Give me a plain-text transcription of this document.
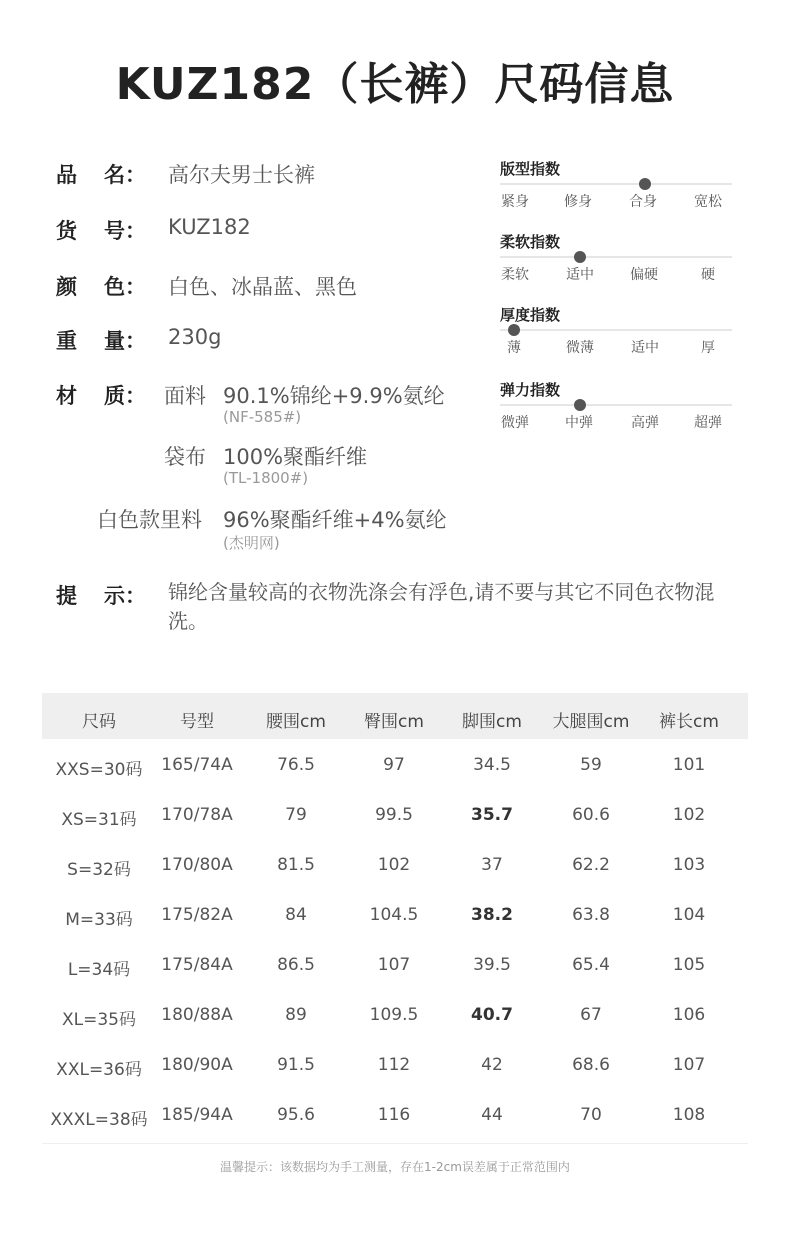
KUZ182（长裤）尺码信息
品 名： 高尔夫男士长裤
货 号： KUZ182
颜 色： 白色、冰晶蓝、黑色
重 量： 230g
材 质： 面料 90.1%锦纶+9.9%氨纶
(NF-585#)
袋布 100%聚酯纤维
(TL-1800#)
白色款里料 96%聚酯纤维+4%氨纶
(杰明网)
提 示： 锦纶含量较高的衣物洗涤会有浮色,请不要与其它不同色衣物混洗。
版型指数
紧身	修身	合身	宽松
柔软指数
柔软	适中	偏硬	硬
厚度指数
薄	微薄	适中	厚
弹力指数
微弹	中弹	高弹	超弹
尺码	号型	腰围cm 臀围cm 脚围cm 大腿围cm 裤长cm
XXS=30码 165/74A	76.5	97	34.5	59	101
XS=31码 170/78A	79	99.5	35.7	60.6	102
S=32码 170/80A	81.5	102	37	62.2	103
M=33码 175/82A	84	104.5	38.2	63.8	104
L=34码 175/84A	86.5	107	39.5	65.4	105
XL=35码 180/88A	89	109.5	40.7	67	106
XXL=36码 180/90A	91.5	112	42	68.6	107
XXXL=38码 185/94A	95.6	116	44	70	108
温馨提示：该数据均为手工测量，存在1-2cm误差属于正常范围内
